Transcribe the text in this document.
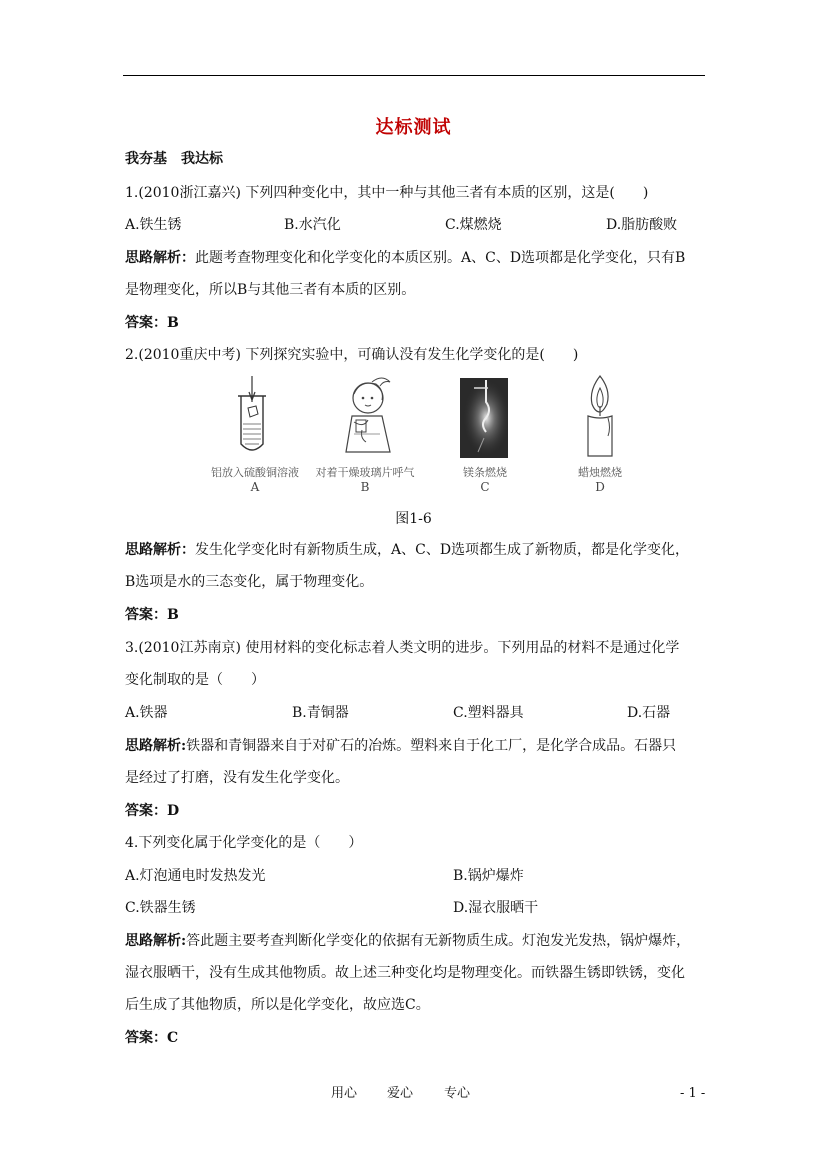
达标测试
我夯基　我达标
1.(2010浙江嘉兴) 下列四种变化中，其中一种与其他三者有本质的区别，这是(　　)
A.铁生锈	B.水汽化	C.煤燃烧	D.脂肪酸败
思路解析：此题考查物理变化和化学变化的本质区别。A、C、D选项都是化学变化，只有B
是物理变化，所以B与其他三者有本质的区别。
答案：B
2.(2010重庆中考) 下列探究实验中，可确认没有发生化学变化的是(　　)
铝放入硫酸铜溶液
A
对着干燥玻璃片呼气
B
镁条燃烧
C
蜡烛燃烧
D
图1-6
思路解析：发生化学变化时有新物质生成，A、C、D选项都生成了新物质，都是化学变化，
B选项是水的三态变化，属于物理变化。
答案：B
3.(2010江苏南京) 使用材料的变化标志着人类文明的进步。下列用品的材料不是通过化学
变化制取的是（　　）
A.铁器	B.青铜器	C.塑料器具	D.石器
思路解析:铁器和青铜器来自于对矿石的冶炼。塑料来自于化工厂，是化学合成品。石器只
是经过了打磨，没有发生化学变化。
答案：D
4.下列变化属于化学变化的是（　　）
A.灯泡通电时发热发光	B.锅炉爆炸
C.铁器生锈	D.湿衣服晒干
思路解析:答此题主要考查判断化学变化的依据有无新物质生成。灯泡发光发热，锅炉爆炸，
湿衣服晒干，没有生成其他物质。故上述三种变化均是物理变化。而铁器生锈即铁锈，变化
后生成了其他物质，所以是化学变化，故应选C。
答案：C
用心 爱心 专心	- 1 -
